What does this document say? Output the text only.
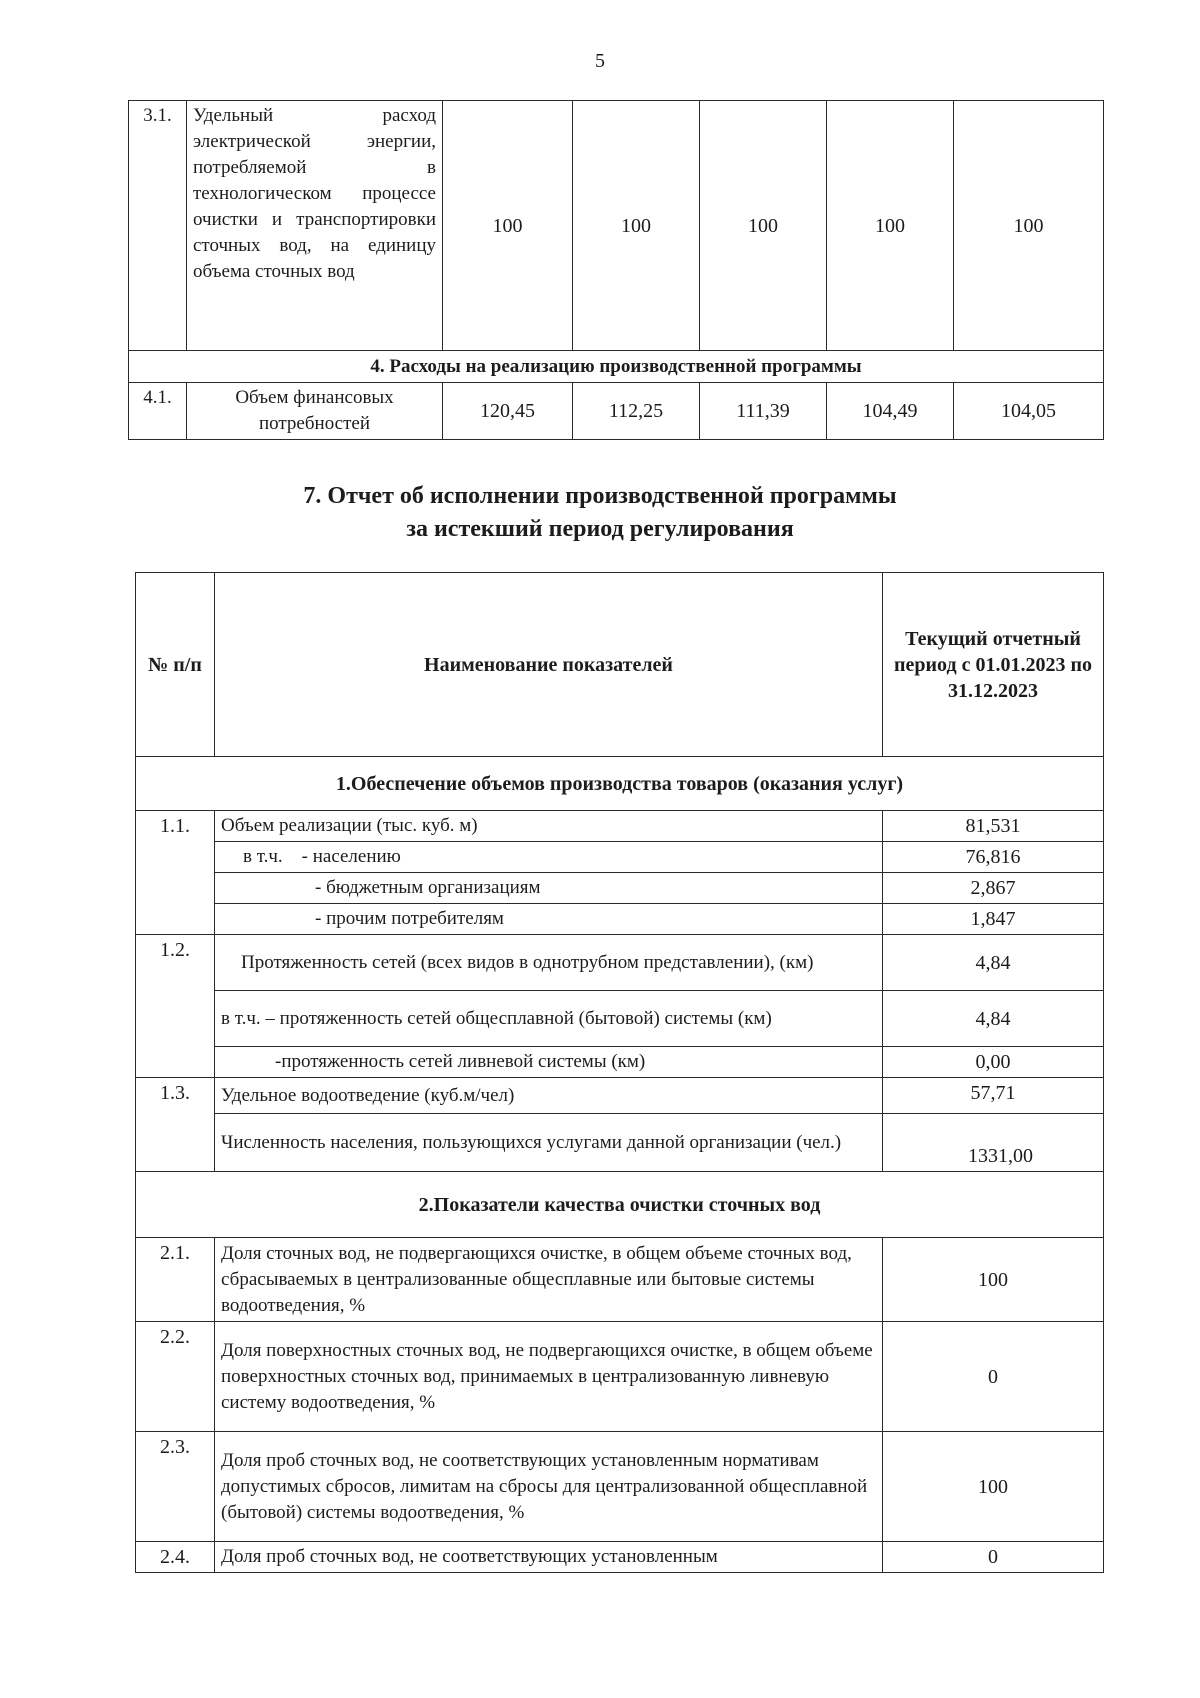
5
3.1.	Удельный расход электрической энергии, потребляемой в технологическом процессе очистки и транспортировки сточных вод, на единицу объема сточных вод	100	100	100	100	100
4. Расходы на реализацию производственной программы						
4.1.	Объем финансовых потребностей	120,45	112,25	111,39	104,49	104,05
7. Отчет об исполнении производственной программы
за истекший период регулирования
№ п/п	Наименование показателей	Текущий отчетный период с 01.01.2023 по 31.12.2023
1.Обеспечение объемов производства товаров (оказания услуг)		
1.1.	Объем реализации (тыс. куб. м)	81,531
	в т.ч.    - населению	76,816
	- бюджетным организациям	2,867
	- прочим потребителям	1,847
1.2.	Протяженность сетей (всех видов в однотрубном представлении), (км)	4,84
	в т.ч. – протяженность сетей общесплавной (бытовой) системы (км)	4,84
	-протяженность сетей ливневой системы (км)	0,00
1.3.	Удельное водоотведение (куб.м/чел)	57,71
	Численность населения, пользующихся услугами данной организации (чел.)	1331,00
2.Показатели качества очистки сточных вод		
2.1.	Доля сточных вод, не подвергающихся очистке, в общем объеме сточных вод, сбрасываемых в централизованные общесплавные или бытовые системы водоотведения, %	100
2.2.	Доля поверхностных сточных вод, не подвергающихся очистке, в общем объеме поверхностных сточных вод, принимаемых в централизованную ливневую систему водоотведения, %	0
2.3.	Доля проб сточных вод, не соответствующих установленным нормативам допустимых сбросов, лимитам на сбросы для централизованной общесплавной (бытовой) системы водоотведения, %	100
2.4.	Доля проб сточных вод, не соответствующих установленным	0
